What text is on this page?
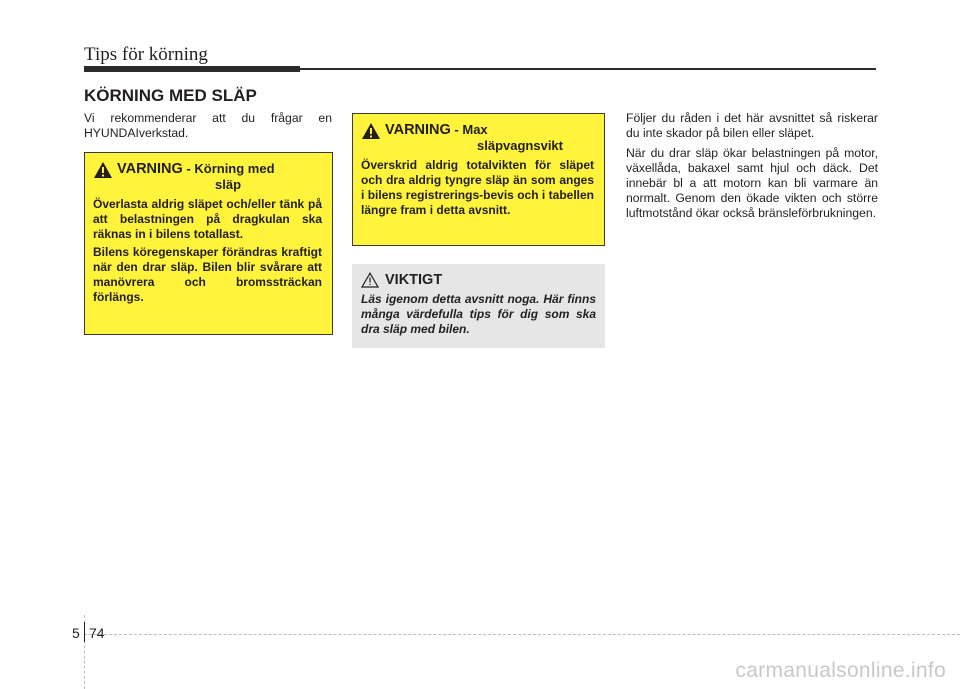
Tips för körning
KÖRNING MED SLÄP

Vi rekommenderar att du frågar en HYUNDAIverkstad.

VARNING - Körning med
släp

Överlasta aldrig släpet och/eller tänk på att belastningen på dragkulan ska räknas in i bilens totallast.

Bilens köregenskaper förändras kraftigt när den drar släp. Bilen blir svårare att manövrera och bromssträckan förlängs.

VARNING - Max
släpvagnsvikt

Överskrid aldrig totalvikten för släpet och dra aldrig tyngre släp än som anges i bilens registrerings-bevis och i tabellen längre fram i detta avsnitt.

VIKTIGT

Läs igenom detta avsnitt noga. Här finns många värdefulla tips för dig som ska dra släp med bilen.

Följer du råden i det här avsnittet så riskerar du inte skador på bilen eller släpet.

När du drar släp ökar belastningen på motor, växellåda, bakaxel samt hjul och däck. Det innebär bl a att motorn kan bli varmare än normalt. Genom den ökade vikten och större luftmotstånd ökar också bränsleförbrukningen.

5 74
carmanualsonline.info
